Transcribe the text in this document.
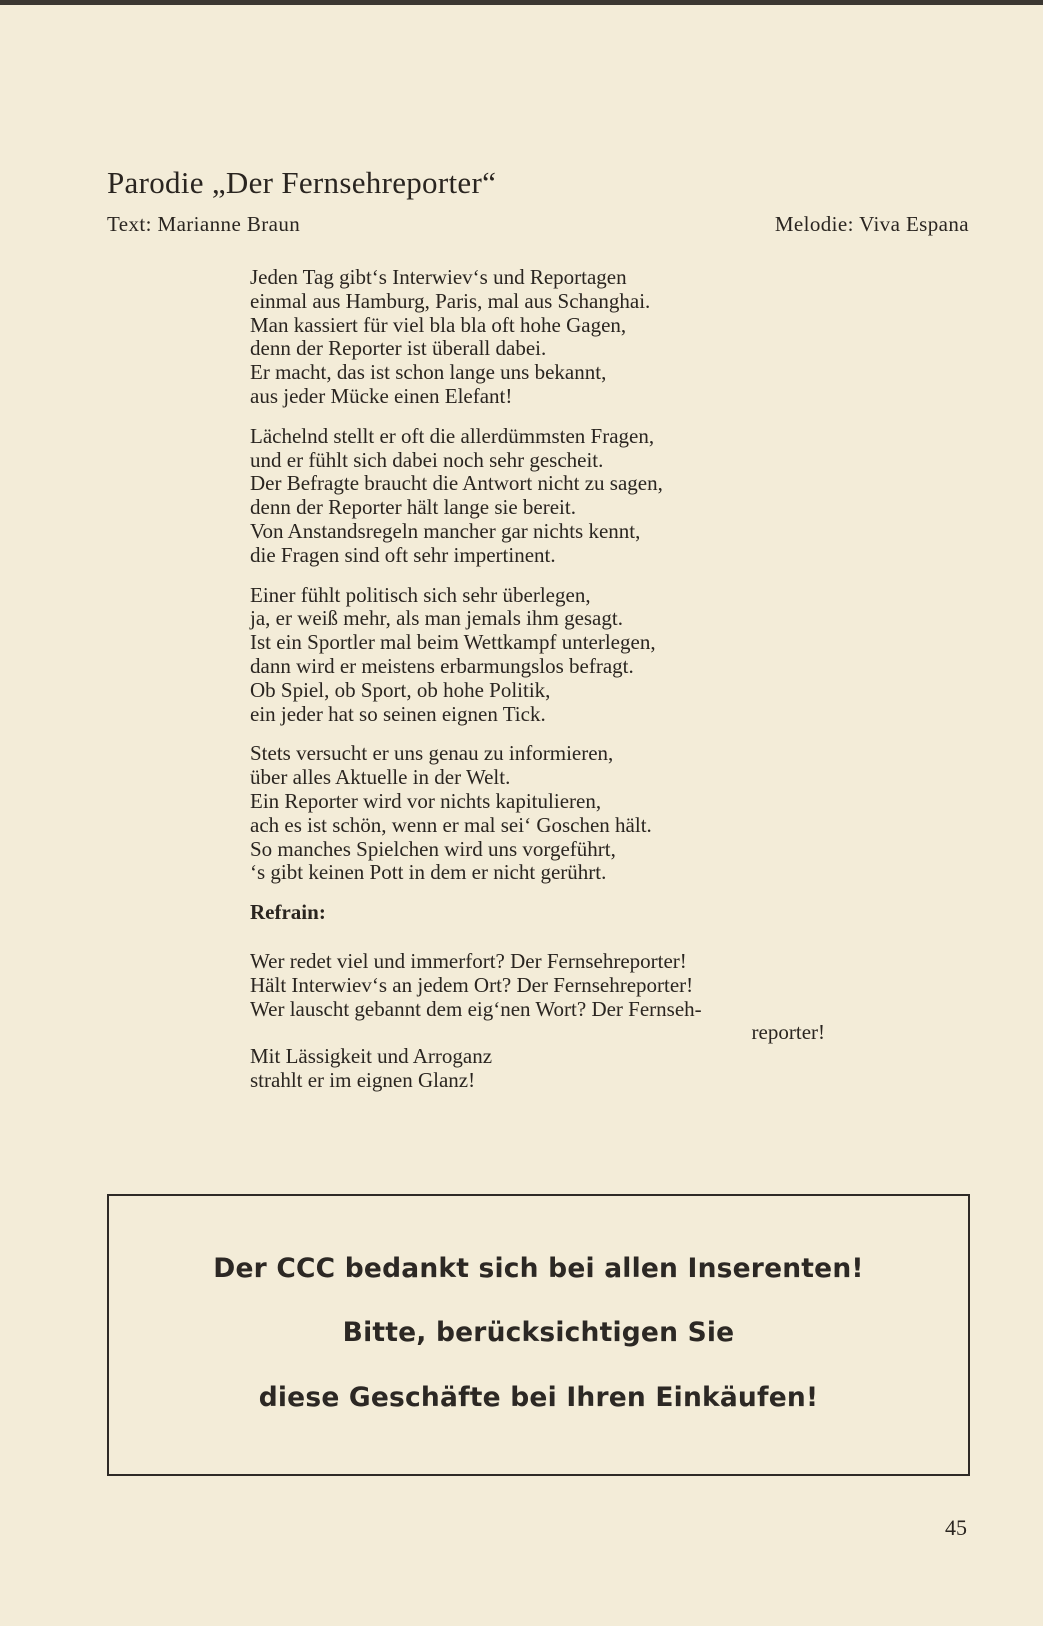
Parodie „Der Fernsehreporter“
Text: Marianne Braun	Melodie: Viva Espana
Jeden Tag gibt‘s Interwiev‘s und Reportagen
einmal aus Hamburg, Paris, mal aus Schanghai.
Man kassiert für viel bla bla oft hohe Gagen,
denn der Reporter ist überall dabei.
Er macht, das ist schon lange uns bekannt,
aus jeder Mücke einen Elefant!
Lächelnd stellt er oft die allerdümmsten Fragen,
und er fühlt sich dabei noch sehr gescheit.
Der Befragte braucht die Antwort nicht zu sagen,
denn der Reporter hält lange sie bereit.
Von Anstandsregeln mancher gar nichts kennt,
die Fragen sind oft sehr impertinent.
Einer fühlt politisch sich sehr überlegen,
ja, er weiß mehr, als man jemals ihm gesagt.
Ist ein Sportler mal beim Wettkampf unterlegen,
dann wird er meistens erbarmungslos befragt.
Ob Spiel, ob Sport, ob hohe Politik,
ein jeder hat so seinen eignen Tick.
Stets versucht er uns genau zu informieren,
über alles Aktuelle in der Welt.
Ein Reporter wird vor nichts kapitulieren,
ach es ist schön, wenn er mal sei‘ Goschen hält.
So manches Spielchen wird uns vorgeführt,
‘s gibt keinen Pott in dem er nicht gerührt.
Refrain:
Wer redet viel und immerfort? Der Fernsehreporter!
Hält Interwiev‘s an jedem Ort? Der Fernsehreporter!
Wer lauscht gebannt dem eig‘nen Wort? Der Fernseh-
reporter!
Mit Lässigkeit und Arroganz
strahlt er im eignen Glanz!
Der CCC bedankt sich bei allen Inserenten!
Bitte, berücksichtigen Sie
diese Geschäfte bei Ihren Einkäufen!
45
